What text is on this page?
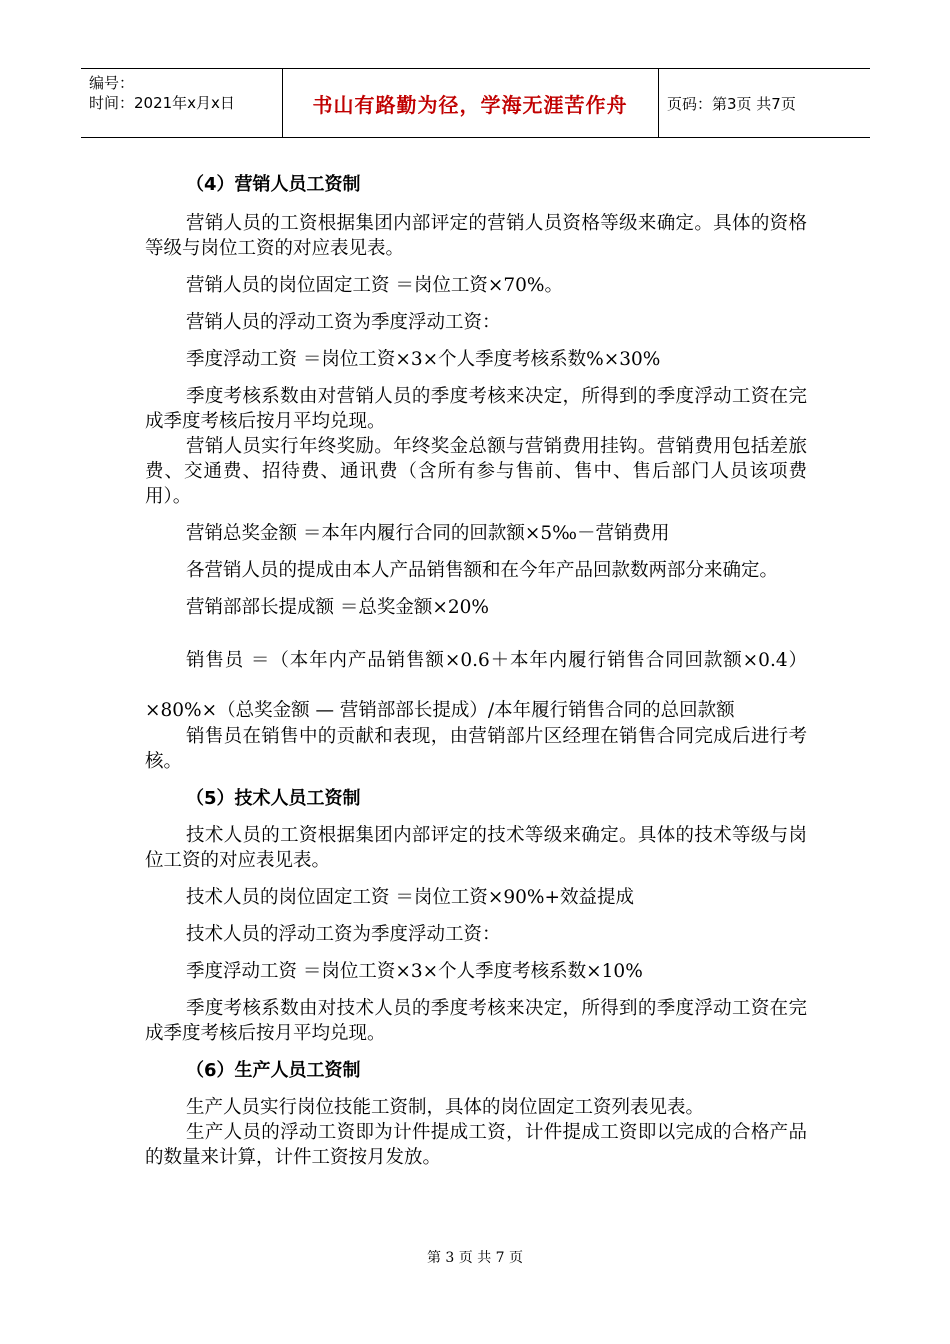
编号：
时间：2021年x月x日	书山有路勤为径，学海无涯苦作舟	页码：第3页 共7页

（4）营销人员工资制

营销人员的工资根据集团内部评定的营销人员资格等级来确定。具体的资格等级与岗位工资的对应表见表。

营销人员的岗位固定工资 ＝岗位工资×70%。

营销人员的浮动工资为季度浮动工资：

季度浮动工资 ＝岗位工资×3×个人季度考核系数%×30%

季度考核系数由对营销人员的季度考核来决定，所得到的季度浮动工资在完成季度考核后按月平均兑现。

营销人员实行年终奖励。年终奖金总额与营销费用挂钩。营销费用包括差旅费、交通费、招待费、通讯费（含所有参与售前、售中、售后部门人员该项费用）。

营销总奖金额 ＝本年内履行合同的回款额×5‰－营销费用

各营销人员的提成由本人产品销售额和在今年产品回款数两部分来确定。

营销部部长提成额 ＝总奖金额×20%

销售员 ＝（本年内产品销售额×0.6＋本年内履行销售合同回款额×0.4）×80%×（总奖金额 — 营销部部长提成）/本年履行销售合同的总回款额

销售员在销售中的贡献和表现，由营销部片区经理在销售合同完成后进行考核。

（5）技术人员工资制

技术人员的工资根据集团内部评定的技术等级来确定。具体的技术等级与岗位工资的对应表见表。

技术人员的岗位固定工资 ＝岗位工资×90%+效益提成

技术人员的浮动工资为季度浮动工资：

季度浮动工资 ＝岗位工资×3×个人季度考核系数×10%

季度考核系数由对技术人员的季度考核来决定，所得到的季度浮动工资在完成季度考核后按月平均兑现。

（6）生产人员工资制

生产人员实行岗位技能工资制，具体的岗位固定工资列表见表。

生产人员的浮动工资即为计件提成工资，计件提成工资即以完成的合格产品的数量来计算，计件工资按月发放。

第 3 页 共 7 页
